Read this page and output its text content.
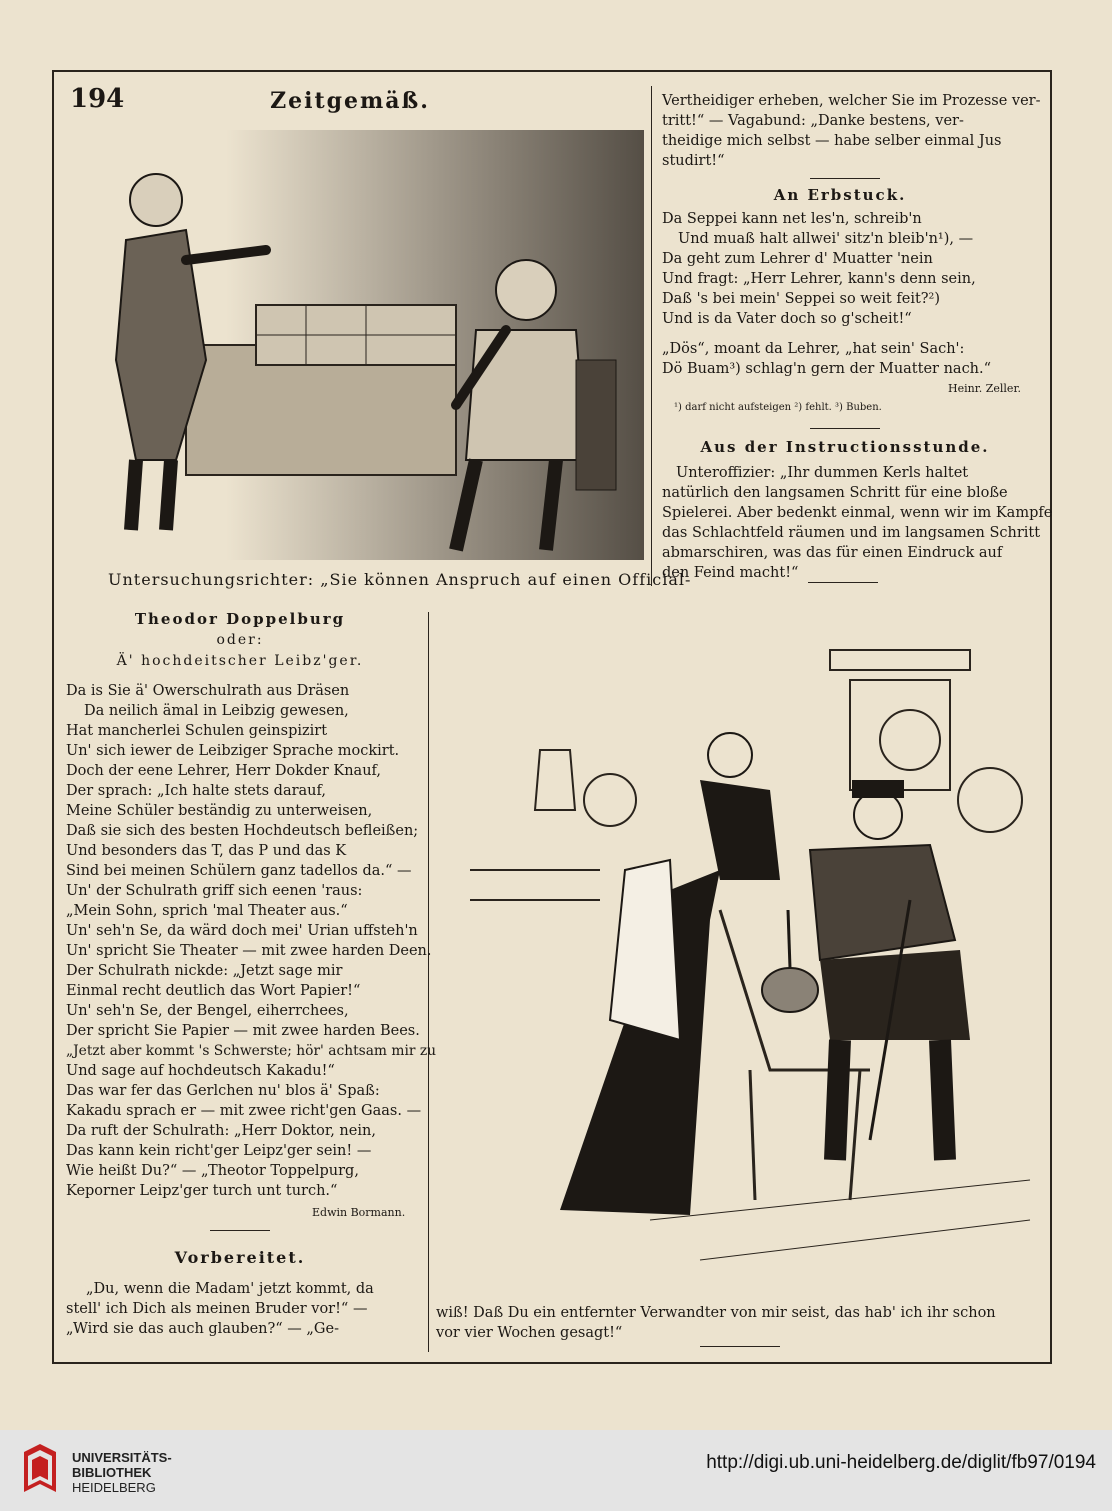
194	Zeitgemäß.
Untersuchungsrichter: „Sie können Anspruch auf einen Official-
Vertheidiger erheben, welcher Sie im Prozesse ver-
tritt!“ — Vagabund: „Danke bestens, ver-
theidige mich selbst — habe selber einmal Jus
studirt!“
An Erbstuck.
Da Seppei kann net les'n, schreib'n
Und muaß halt allwei' sitz'n bleib'n¹), —
Da geht zum Lehrer d' Muatter 'nein
Und fragt: „Herr Lehrer, kann's denn sein,
Daß 's bei mein' Seppei so weit feit?²)
Und is da Vater doch so g'scheit!“
„Dös“, moant da Lehrer, „hat sein' Sach':
Dö Buam³) schlag'n gern der Muatter nach.“
Heinr. Zeller.
¹) darf nicht aufsteigen ²) fehlt. ³) Buben.
Aus der Instructionsstunde.
Unteroffizier: „Ihr dummen Kerls haltet
natürlich den langsamen Schritt für eine bloße
Spielerei. Aber bedenkt einmal, wenn wir im Kampfe
das Schlachtfeld räumen und im langsamen Schritt
abmarschiren, was das für einen Eindruck auf
den Feind macht!“
Theodor Doppelburg
oder:
Ä' hochdeitscher Leibz'ger.
Da is Sie ä' Owerschulrath aus Dräsen
Da neilich ämal in Leibzig gewesen,
Hat mancherlei Schulen geinspizirt
Un' sich iewer de Leibziger Sprache mockirt.
Doch der eene Lehrer, Herr Dokder Knauf,
Der sprach: „Ich halte stets darauf,
Meine Schüler beständig zu unterweisen,
Daß sie sich des besten Hochdeutsch befleißen;
Und besonders das T, das P und das K
Sind bei meinen Schülern ganz tadellos da.“ —
Un' der Schulrath griff sich eenen 'raus:
„Mein Sohn, sprich 'mal Theater aus.“
Un' seh'n Se, da wärd doch mei' Urian uffsteh'n
Un' spricht Sie Theater — mit zwee harden Deen.
Der Schulrath nickde: „Jetzt sage mir
Einmal recht deutlich das Wort Papier!“
Un' seh'n Se, der Bengel, eiherrchees,
Der spricht Sie Papier — mit zwee harden Bees.
„Jetzt aber kommt 's Schwerste; hör' achtsam mir zu
Und sage auf hochdeutsch Kakadu!“
Das war fer das Gerlchen nu' blos ä' Spaß:
Kakadu sprach er — mit zwee richt'gen Gaas. —
Da ruft der Schulrath: „Herr Doktor, nein,
Das kann kein richt'ger Leipz'ger sein! —
Wie heißt Du?“ — „Theotor Toppelpurg,
Keporner Leipz'ger turch unt turch.“
Edwin Bormann.
Vorbereitet.
„Du, wenn die Madam' jetzt kommt, da
stell' ich Dich als meinen Bruder vor!“ —
„Wird sie das auch glauben?“ — „Ge-
wiß! Daß Du ein entfernter Verwandter von mir seist, das hab' ich ihr schon
vor vier Wochen gesagt!“
UNIVERSITÄTS-
BIBLIOTHEK
HEIDELBERG
http://digi.ub.uni-heidelberg.de/diglit/fb97/0194
